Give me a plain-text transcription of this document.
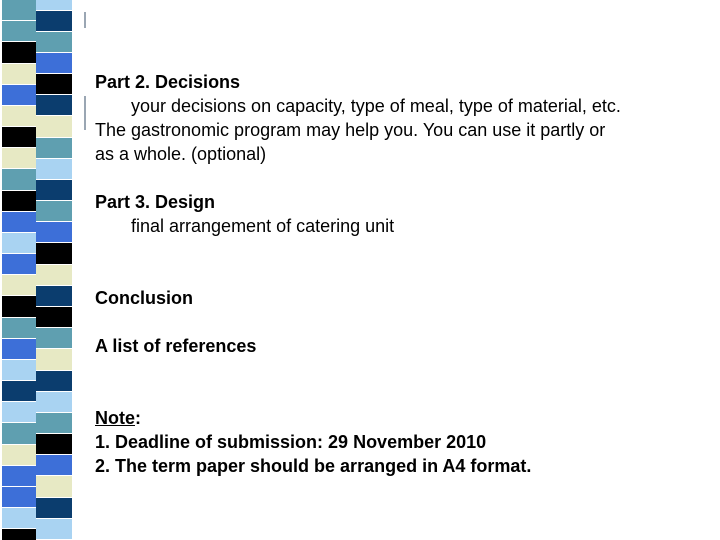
Part 2. Decisions

your decisions on capacity, type of meal, type of material, etc.

The gastronomic program may help you. You can use it partly or

as a whole. (optional)

Part 3. Design

final arrangement of catering unit

Conclusion

A list of references

Note:

1. Deadline of submission: 29 November 2010

2. The term paper should be arranged in A4 format.
